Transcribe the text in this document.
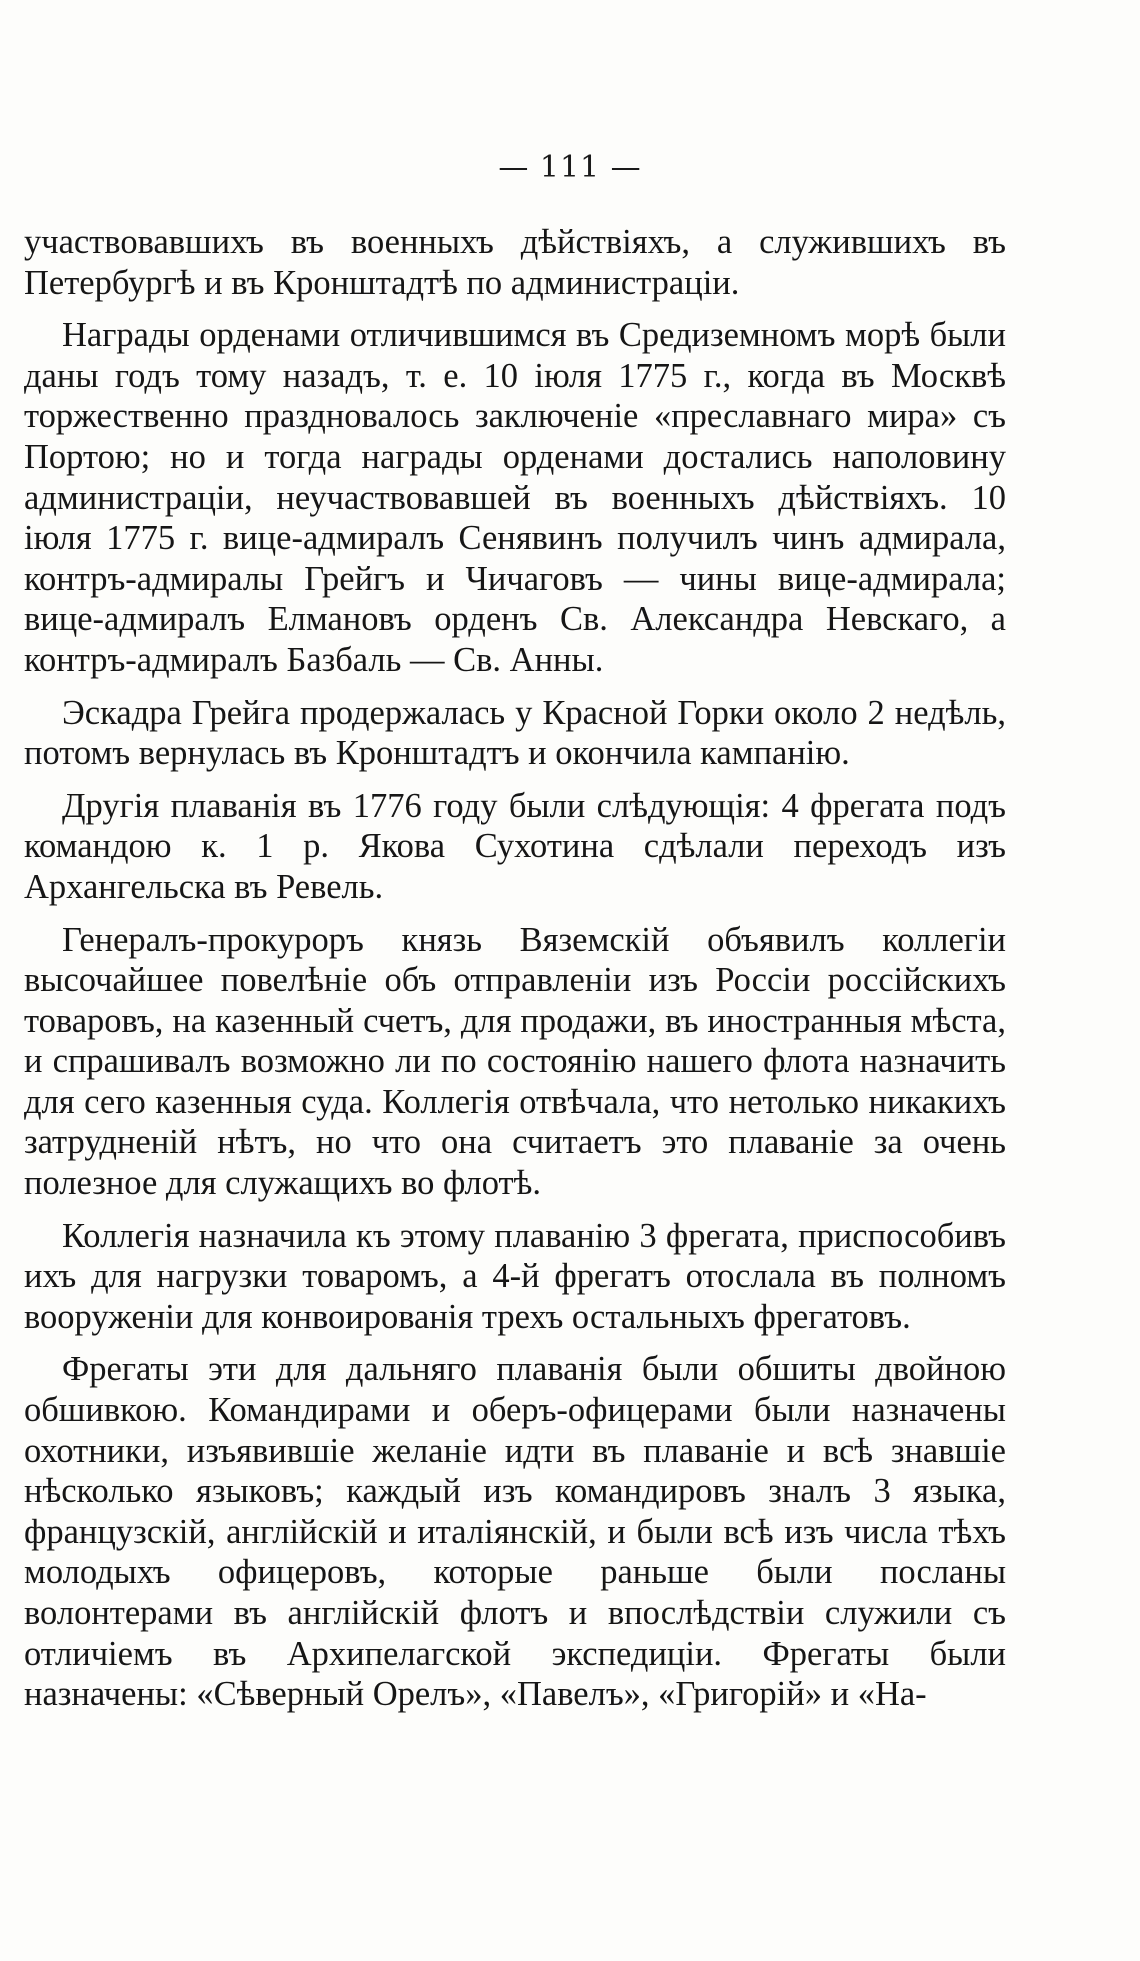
— 111 —

участвовавшихъ въ военныхъ дѣйствіяхъ, а служившихъ въ Петербургѣ и въ Кронштадтѣ по администраціи.

Награды орденами отличившимся въ Средиземномъ морѣ были даны годъ тому назадъ, т. е. 10 іюля 1775 г., когда въ Москвѣ торжественно праздновалось заключеніе «преславнаго мира» съ Портою; но и тогда награды орденами достались наполовину администраціи, неучаствовавшей въ военныхъ дѣйствіяхъ. 10 іюля 1775 г. вице-адмиралъ Сенявинъ получилъ чинъ адмирала, контръ-адмиралы Грейгъ и Чичаговъ — чины вице-адмирала; вице-адмиралъ Елмановъ орденъ Св. Александра Невскаго, а контръ-адмиралъ Базбаль — Св. Анны.

Эскадра Грейга продержалась у Красной Горки около 2 недѣль, потомъ вернулась въ Кронштадтъ и окончила кампанію.

Другія плаванія въ 1776 году были слѣдующія: 4 фрегата подъ командою к. 1 р. Якова Сухотина сдѣлали переходъ изъ Архангельска въ Ревель.

Генералъ-прокуроръ князь Вяземскій объявилъ коллегіи высочайшее повелѣніе объ отправленіи изъ Россіи россійскихъ товаровъ, на казенный счетъ, для продажи, въ иностранныя мѣста, и спрашивалъ возможно ли по состоянію нашего флота назначить для сего казенныя суда. Коллегія отвѣчала, что нетолько никакихъ затрудненій нѣтъ, но что она считаетъ это плаваніе за очень полезное для служащихъ во флотѣ.

Коллегія назначила къ этому плаванію 3 фрегата, приспособивъ ихъ для нагрузки товаромъ, а 4-й фрегатъ отослала въ полномъ вооруженіи для конвоированія трехъ остальныхъ фрегатовъ.

Фрегаты эти для дальняго плаванія были обшиты двойною обшивкою. Командирами и оберъ-офицерами были назначены охотники, изъявившіе желаніе идти въ плаваніе и всѣ знавшіе нѣсколько языковъ; каждый изъ командировъ зналъ 3 языка, французскій, англійскій и италіянскій, и были всѣ изъ числа тѣхъ молодыхъ офицеровъ, которые раньше были посланы волонтерами въ англійскій флотъ и впослѣдствіи служили съ отличіемъ въ Архипелагской экспедиціи. Фрегаты были назначены: «Сѣверный Орелъ», «Павелъ», «Григорій» и «На-
